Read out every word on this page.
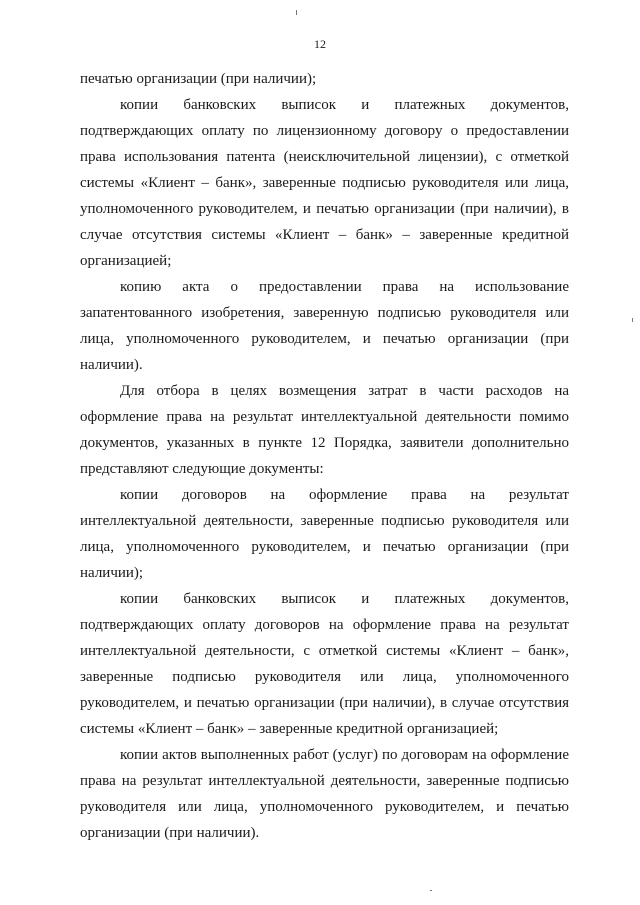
12

печатью организации (при наличии);

копии банковских выписок и платежных документов, подтверждающих оплату по лицензионному договору о предоставлении права использования патента (неисключительной лицензии), с отметкой системы «Клиент – банк», заверенные подписью руководителя или лица, уполномоченного руководителем, и печатью организации (при наличии), в случае отсутствия системы «Клиент – банк» – заверенные кредитной организацией;

копию акта о предоставлении права на использование запатентованного изобретения, заверенную подписью руководителя или лица, уполномоченного руководителем, и печатью организации (при наличии).

Для отбора в целях возмещения затрат в части расходов на оформление права на результат интеллектуальной деятельности помимо документов, указанных в пункте 12 Порядка, заявители дополнительно представляют следующие документы:

копии договоров на оформление права на результат интеллектуальной деятельности, заверенные подписью руководителя или лица, уполномоченного руководителем, и печатью организации (при наличии);

копии банковских выписок и платежных документов, подтверждающих оплату договоров на оформление права на результат интеллектуальной деятельности, с отметкой системы «Клиент – банк», заверенные подписью руководителя или лица, уполномоченного руководителем, и печатью организации (при наличии), в случае отсутствия системы «Клиент – банк» – заверенные кредитной организацией;

копии актов выполненных работ (услуг) по договорам на оформление права на результат интеллектуальной деятельности, заверенные подписью руководителя или лица, уполномоченного руководителем, и печатью организации (при наличии).
